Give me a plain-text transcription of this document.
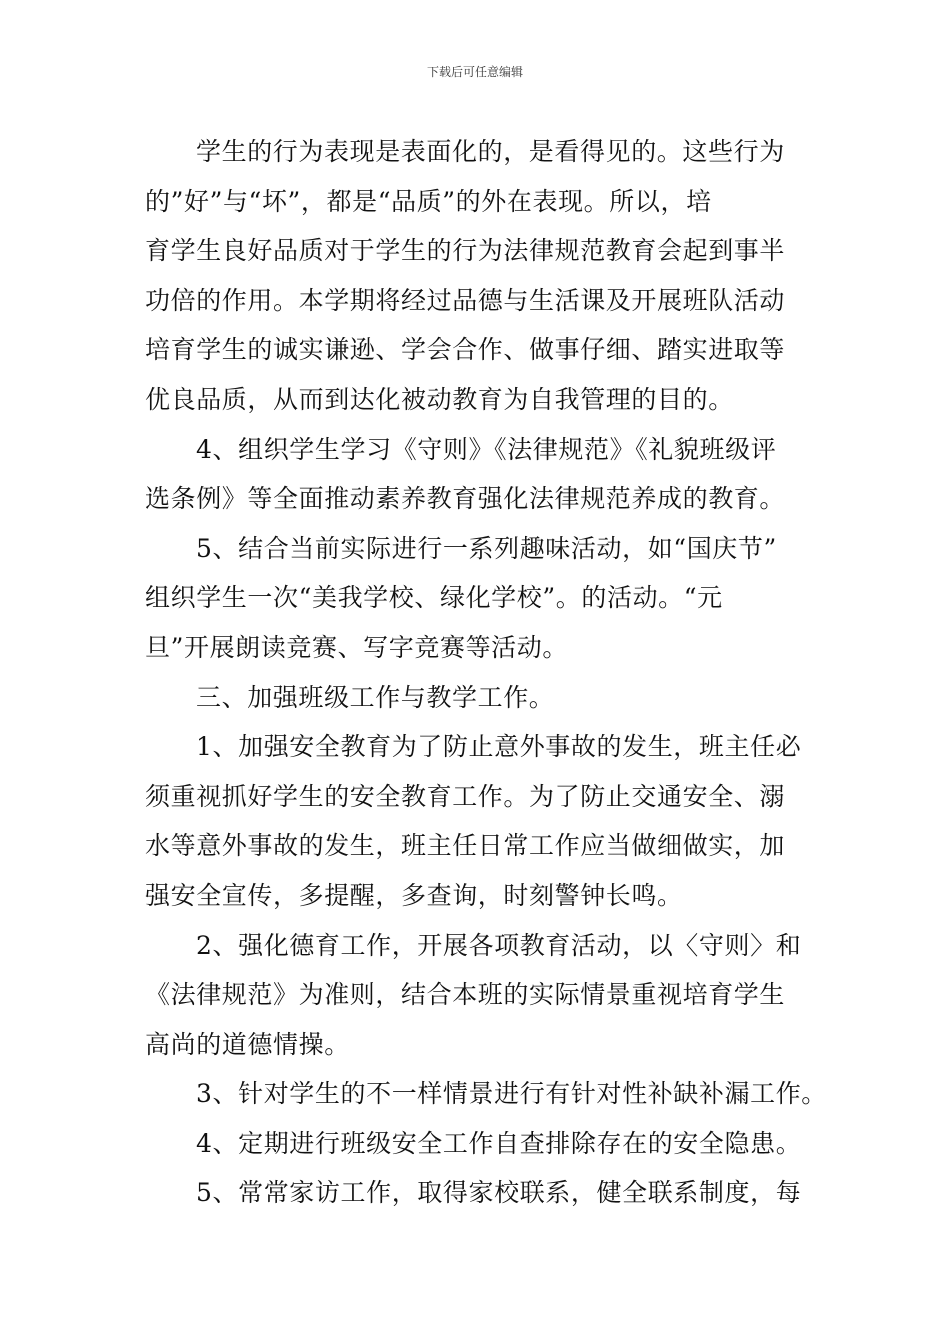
下载后可任意编辑
学生的行为表现是表面化的，是看得见的。这些行为
的”好”与“坏”，都是“品质”的外在表现。所以，培
育学生良好品质对于学生的行为法律规范教育会起到事半
功倍的作用。本学期将经过品德与生活课及开展班队活动
培育学生的诚实谦逊、学会合作、做事仔细、踏实进取等
优良品质，从而到达化被动教育为自我管理的目的。
4、组织学生学习《守则》《法律规范》《礼貌班级评
选条例》等全面推动素养教育强化法律规范养成的教育。
5、结合当前实际进行一系列趣味活动，如“国庆节”
组织学生一次“美我学校、绿化学校”。的活动。“元
旦”开展朗读竞赛、写字竞赛等活动。
三、加强班级工作与教学工作。
1、加强安全教育为了防止意外事故的发生，班主任必
须重视抓好学生的安全教育工作。为了防止交通安全、溺
水等意外事故的发生，班主任日常工作应当做细做实，加
强安全宣传，多提醒，多查询，时刻警钟长鸣。
2、强化德育工作，开展各项教育活动，以〈守则〉和
《法律规范》为准则，结合本班的实际情景重视培育学生
高尚的道德情操。
3、针对学生的不一样情景进行有针对性补缺补漏工作。
4、定期进行班级安全工作自查排除存在的安全隐患。
5、常常家访工作，取得家校联系，健全联系制度，每
